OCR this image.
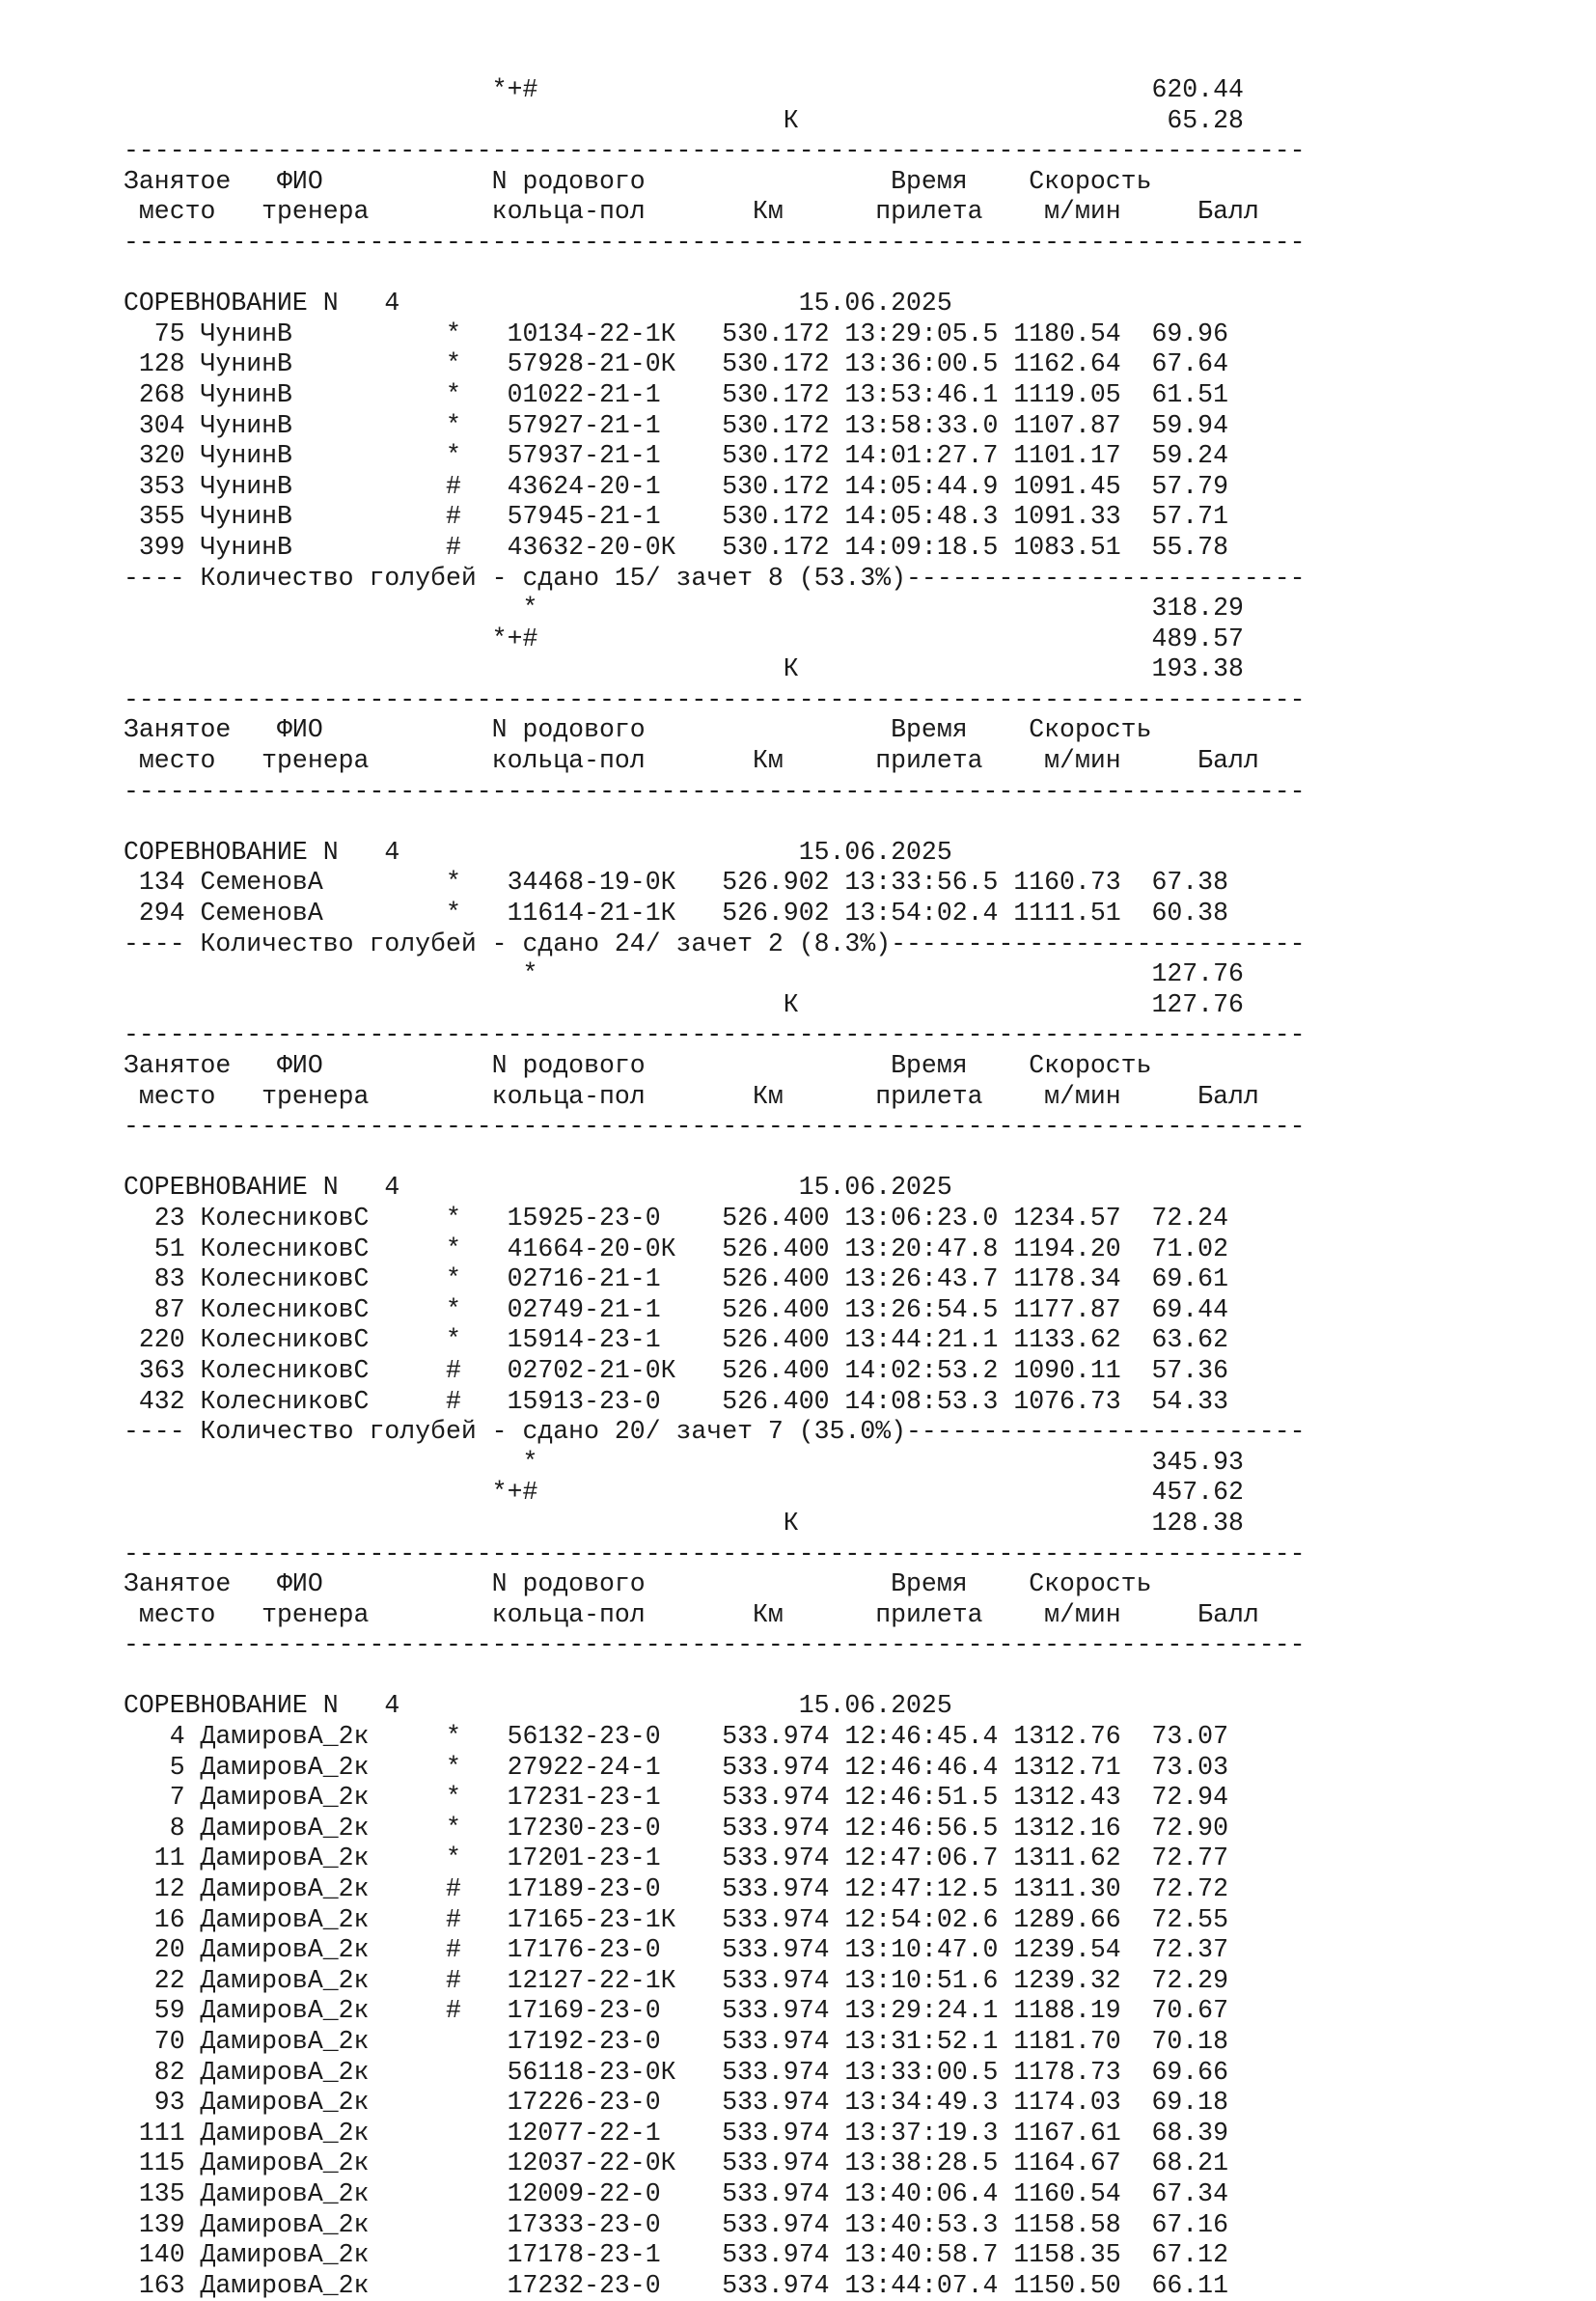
*+#                                        620.44
К                        65.28
-----------------------------------------------------------------------------
Занятое   ФИО           N родового                Время    Скорость
место   тренера        кольца-пол       Км      прилета    м/мин     Балл
-----------------------------------------------------------------------------
СОРЕВНОВАНИЕ N   4                          15.06.2025
75 ЧунинВ          *   10134-22-1К   530.172 13:29:05.5 1180.54  69.96
128 ЧунинВ          *   57928-21-0К   530.172 13:36:00.5 1162.64  67.64
268 ЧунинВ          *   01022-21-1    530.172 13:53:46.1 1119.05  61.51
304 ЧунинВ          *   57927-21-1    530.172 13:58:33.0 1107.87  59.94
320 ЧунинВ          *   57937-21-1    530.172 14:01:27.7 1101.17  59.24
353 ЧунинВ          #   43624-20-1    530.172 14:05:44.9 1091.45  57.79
355 ЧунинВ          #   57945-21-1    530.172 14:05:48.3 1091.33  57.71
399 ЧунинВ          #   43632-20-0К   530.172 14:09:18.5 1083.51  55.78
---- Количество голубей - сдано 15/ зачет 8 (53.3%)--------------------------
*                                        318.29
*+#                                        489.57
К                       193.38
-----------------------------------------------------------------------------
Занятое   ФИО           N родового                Время    Скорость
место   тренера        кольца-пол       Км      прилета    м/мин     Балл
-----------------------------------------------------------------------------
СОРЕВНОВАНИЕ N   4                          15.06.2025
134 СеменовА        *   34468-19-0К   526.902 13:33:56.5 1160.73  67.38
294 СеменовА        *   11614-21-1К   526.902 13:54:02.4 1111.51  60.38
---- Количество голубей - сдано 24/ зачет 2 (8.3%)---------------------------
*                                        127.76
К                       127.76
-----------------------------------------------------------------------------
Занятое   ФИО           N родового                Время    Скорость
место   тренера        кольца-пол       Км      прилета    м/мин     Балл
-----------------------------------------------------------------------------
СОРЕВНОВАНИЕ N   4                          15.06.2025
23 КолесниковС     *   15925-23-0    526.400 13:06:23.0 1234.57  72.24
51 КолесниковС     *   41664-20-0К   526.400 13:20:47.8 1194.20  71.02
83 КолесниковС     *   02716-21-1    526.400 13:26:43.7 1178.34  69.61
87 КолесниковС     *   02749-21-1    526.400 13:26:54.5 1177.87  69.44
220 КолесниковС     *   15914-23-1    526.400 13:44:21.1 1133.62  63.62
363 КолесниковС     #   02702-21-0К   526.400 14:02:53.2 1090.11  57.36
432 КолесниковС     #   15913-23-0    526.400 14:08:53.3 1076.73  54.33
---- Количество голубей - сдано 20/ зачет 7 (35.0%)--------------------------
*                                        345.93
*+#                                        457.62
К                       128.38
-----------------------------------------------------------------------------
Занятое   ФИО           N родового                Время    Скорость
место   тренера        кольца-пол       Км      прилета    м/мин     Балл
-----------------------------------------------------------------------------
СОРЕВНОВАНИЕ N   4                          15.06.2025
4 ДамировА_2к     *   56132-23-0    533.974 12:46:45.4 1312.76  73.07
5 ДамировА_2к     *   27922-24-1    533.974 12:46:46.4 1312.71  73.03
7 ДамировА_2к     *   17231-23-1    533.974 12:46:51.5 1312.43  72.94
8 ДамировА_2к     *   17230-23-0    533.974 12:46:56.5 1312.16  72.90
11 ДамировА_2к     *   17201-23-1    533.974 12:47:06.7 1311.62  72.77
12 ДамировА_2к     #   17189-23-0    533.974 12:47:12.5 1311.30  72.72
16 ДамировА_2к     #   17165-23-1К   533.974 12:54:02.6 1289.66  72.55
20 ДамировА_2к     #   17176-23-0    533.974 13:10:47.0 1239.54  72.37
22 ДамировА_2к     #   12127-22-1К   533.974 13:10:51.6 1239.32  72.29
59 ДамировА_2к     #   17169-23-0    533.974 13:29:24.1 1188.19  70.67
70 ДамировА_2к         17192-23-0    533.974 13:31:52.1 1181.70  70.18
82 ДамировА_2к         56118-23-0К   533.974 13:33:00.5 1178.73  69.66
93 ДамировА_2к         17226-23-0    533.974 13:34:49.3 1174.03  69.18
111 ДамировА_2к         12077-22-1    533.974 13:37:19.3 1167.61  68.39
115 ДамировА_2к         12037-22-0К   533.974 13:38:28.5 1164.67  68.21
135 ДамировА_2к         12009-22-0    533.974 13:40:06.4 1160.54  67.34
139 ДамировА_2к         17333-23-0    533.974 13:40:53.3 1158.58  67.16
140 ДамировА_2к         17178-23-1    533.974 13:40:58.7 1158.35  67.12
163 ДамировА_2к         17232-23-0    533.974 13:44:07.4 1150.50  66.11
